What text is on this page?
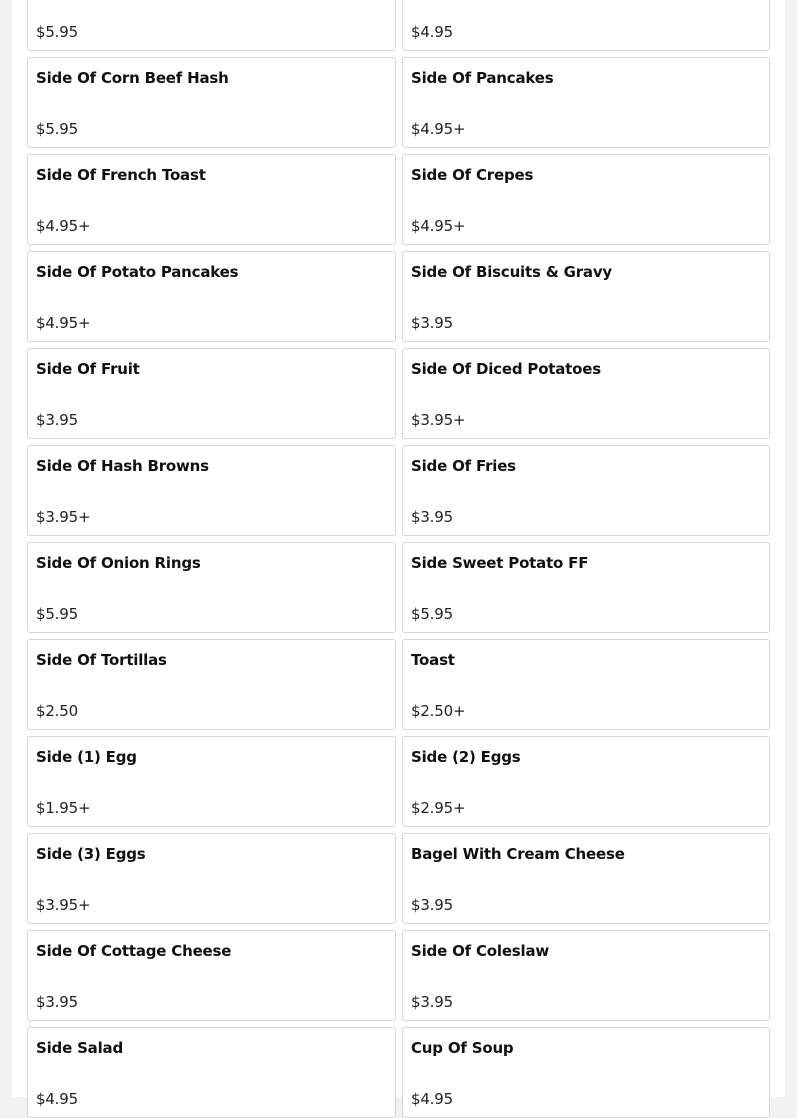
$5.95	$4.95
Side Of Corn Beef Hash
$5.95
Side Of Pancakes
$4.95+
Side Of French Toast
$4.95+
Side Of Crepes
$4.95+
Side Of Potato Pancakes
$4.95+
Side Of Biscuits & Gravy
$3.95
Side Of Fruit
$3.95
Side Of Diced Potatoes
$3.95+
Side Of Hash Browns
$3.95+
Side Of Fries
$3.95
Side Of Onion Rings
$5.95
Side Sweet Potato FF
$5.95
Side Of Tortillas
$2.50
Toast
$2.50+
Side (1) Egg
$1.95+
Side (2) Eggs
$2.95+
Side (3) Eggs
$3.95+
Bagel With Cream Cheese
$3.95
Side Of Cottage Cheese
$3.95
Side Of Coleslaw
$3.95
Side Salad
$4.95
Cup Of Soup
$4.95
